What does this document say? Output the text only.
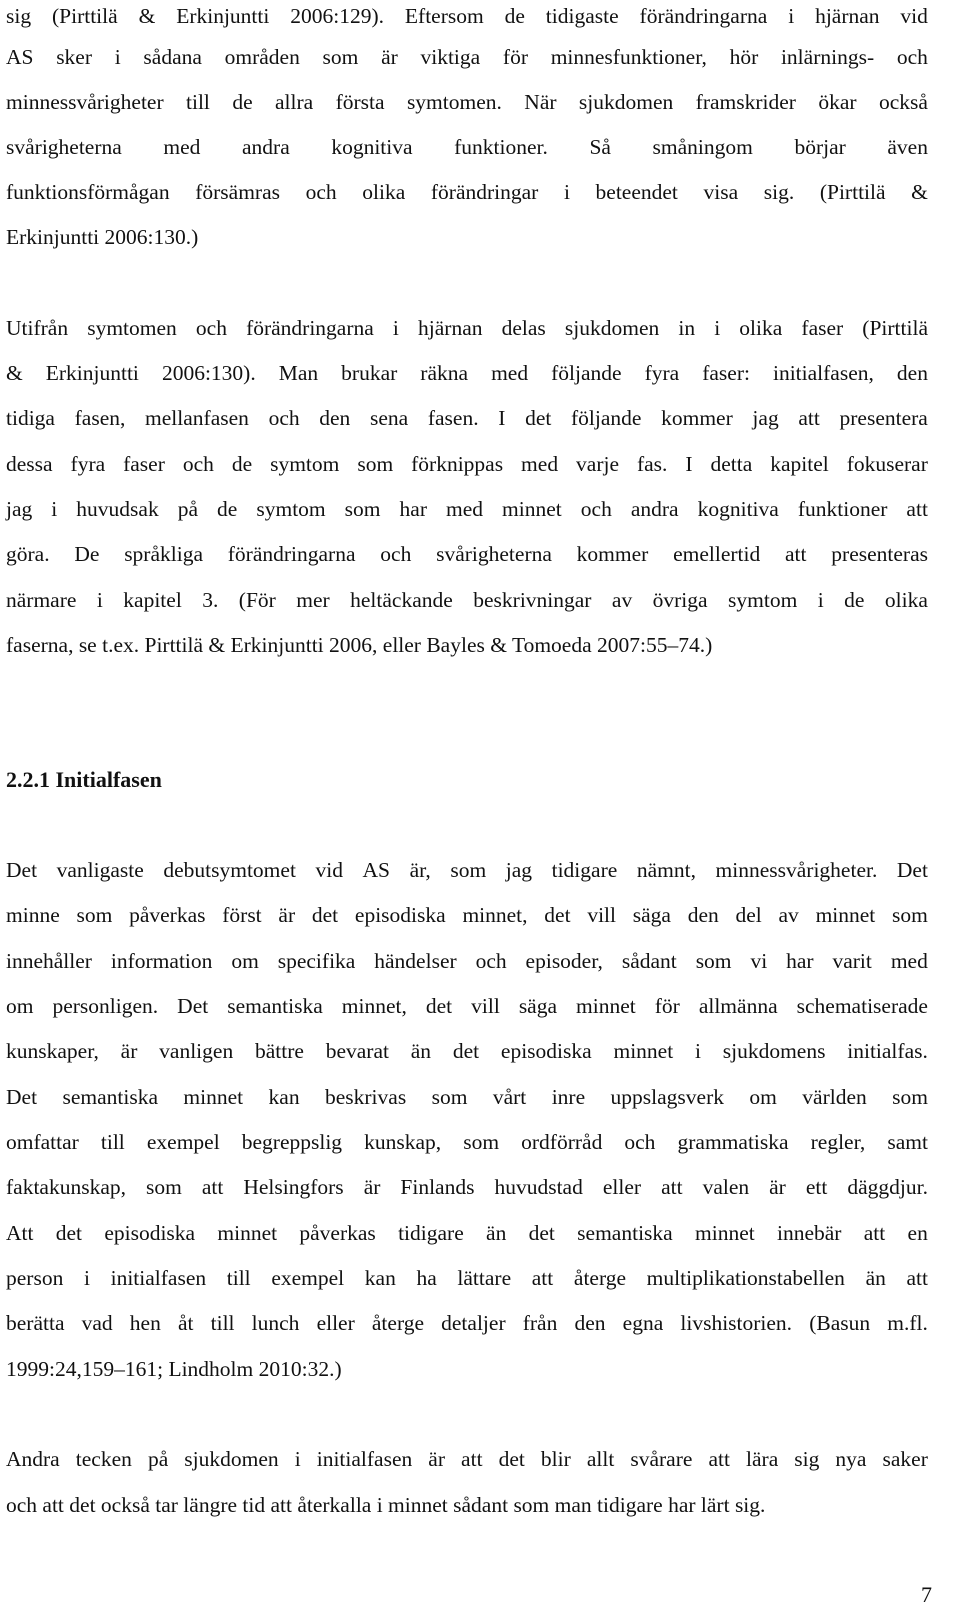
sig (Pirttilä & Erkinjuntti 2006:129). Eftersom de tidigaste förändringarna i hjärnan vid
AS sker i sådana områden som är viktiga för minnesfunktioner, hör inlärnings- och
minnessvårigheter till de allra första symtomen. När sjukdomen framskrider ökar också
svårigheterna med andra kognitiva funktioner. Så småningom börjar även
funktionsförmågan försämras och olika förändringar i beteendet visa sig. (Pirttilä &
Erkinjuntti 2006:130.)
Utifrån symtomen och förändringarna i hjärnan delas sjukdomen in i olika faser (Pirttilä
& Erkinjuntti 2006:130). Man brukar räkna med följande fyra faser: initialfasen, den
tidiga fasen, mellanfasen och den sena fasen. I det följande kommer jag att presentera
dessa fyra faser och de symtom som förknippas med varje fas. I detta kapitel fokuserar
jag i huvudsak på de symtom som har med minnet och andra kognitiva funktioner att
göra. De språkliga förändringarna och svårigheterna kommer emellertid att presenteras
närmare i kapitel 3. (För mer heltäckande beskrivningar av övriga symtom i de olika
faserna, se t.ex. Pirttilä & Erkinjuntti 2006, eller Bayles & Tomoeda 2007:55–74.)
2.2.1 Initialfasen
Det vanligaste debutsymtomet vid AS är, som jag tidigare nämnt, minnessvårigheter. Det
minne som påverkas först är det episodiska minnet, det vill säga den del av minnet som
innehåller information om specifika händelser och episoder, sådant som vi har varit med
om personligen. Det semantiska minnet, det vill säga minnet för allmänna schematiserade
kunskaper, är vanligen bättre bevarat än det episodiska minnet i sjukdomens initialfas.
Det semantiska minnet kan beskrivas som vårt inre uppslagsverk om världen som
omfattar till exempel begreppslig kunskap, som ordförråd och grammatiska regler, samt
faktakunskap, som att Helsingfors är Finlands huvudstad eller att valen är ett däggdjur.
Att det episodiska minnet påverkas tidigare än det semantiska minnet innebär att en
person i initialfasen till exempel kan ha lättare att återge multiplikationstabellen än att
berätta vad hen åt till lunch eller återge detaljer från den egna livshistorien. (Basun m.fl.
1999:24,159–161; Lindholm 2010:32.)
Andra tecken på sjukdomen i initialfasen är att det blir allt svårare att lära sig nya saker
och att det också tar längre tid att återkalla i minnet sådant som man tidigare har lärt sig.
7
